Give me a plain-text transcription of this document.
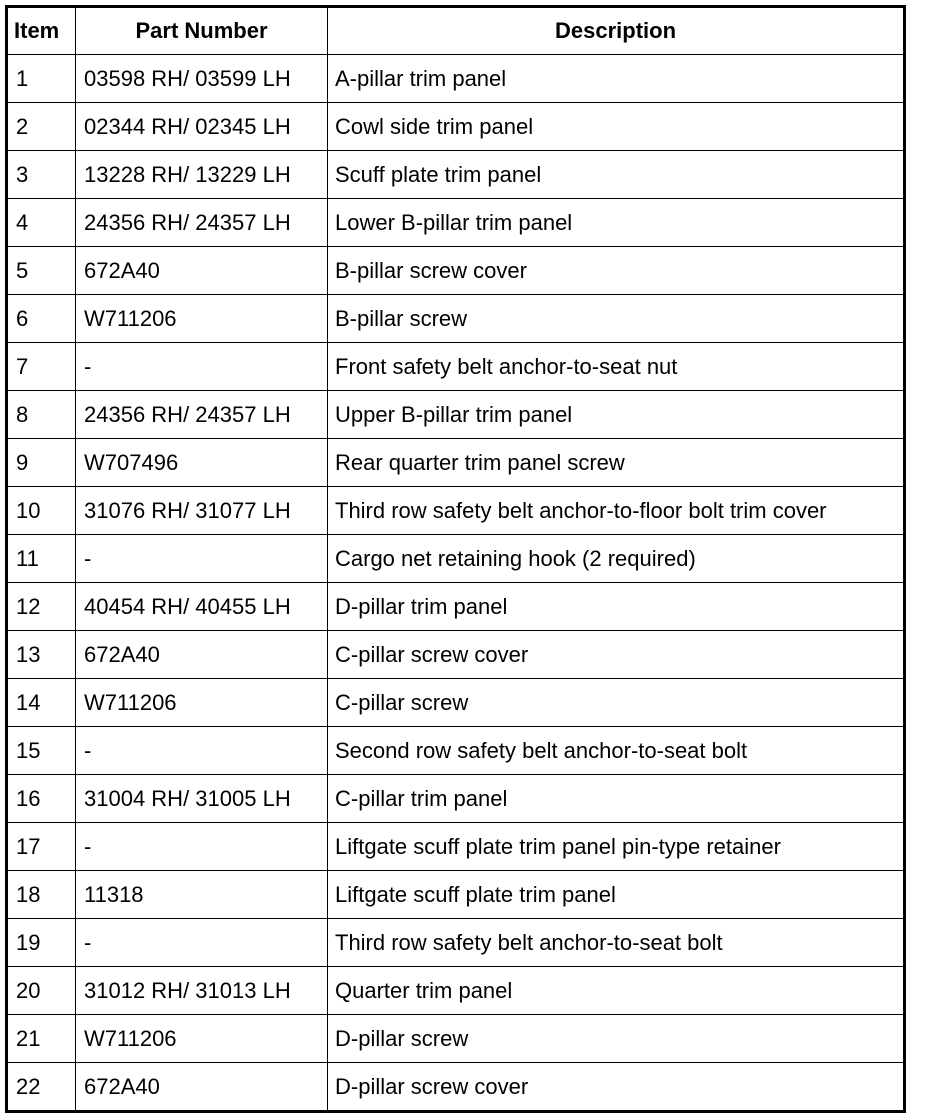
Item	Part Number	Description
1	03598 RH/ 03599 LH	A-pillar trim panel
2	02344 RH/ 02345 LH	Cowl side trim panel
3	13228 RH/ 13229 LH	Scuff plate trim panel
4	24356 RH/ 24357 LH	Lower B-pillar trim panel
5	672A40	B-pillar screw cover
6	W711206	B-pillar screw
7	-	Front safety belt anchor-to-seat nut
8	24356 RH/ 24357 LH	Upper B-pillar trim panel
9	W707496	Rear quarter trim panel screw
10	31076 RH/ 31077 LH	Third row safety belt anchor-to-floor bolt trim cover
11	-	Cargo net retaining hook (2 required)
12	40454 RH/ 40455 LH	D-pillar trim panel
13	672A40	C-pillar screw cover
14	W711206	C-pillar screw
15	-	Second row safety belt anchor-to-seat bolt
16	31004 RH/ 31005 LH	C-pillar trim panel
17	-	Liftgate scuff plate trim panel pin-type retainer
18	11318	Liftgate scuff plate trim panel
19	-	Third row safety belt anchor-to-seat bolt
20	31012 RH/ 31013 LH	Quarter trim panel
21	W711206	D-pillar screw
22	672A40	D-pillar screw cover
